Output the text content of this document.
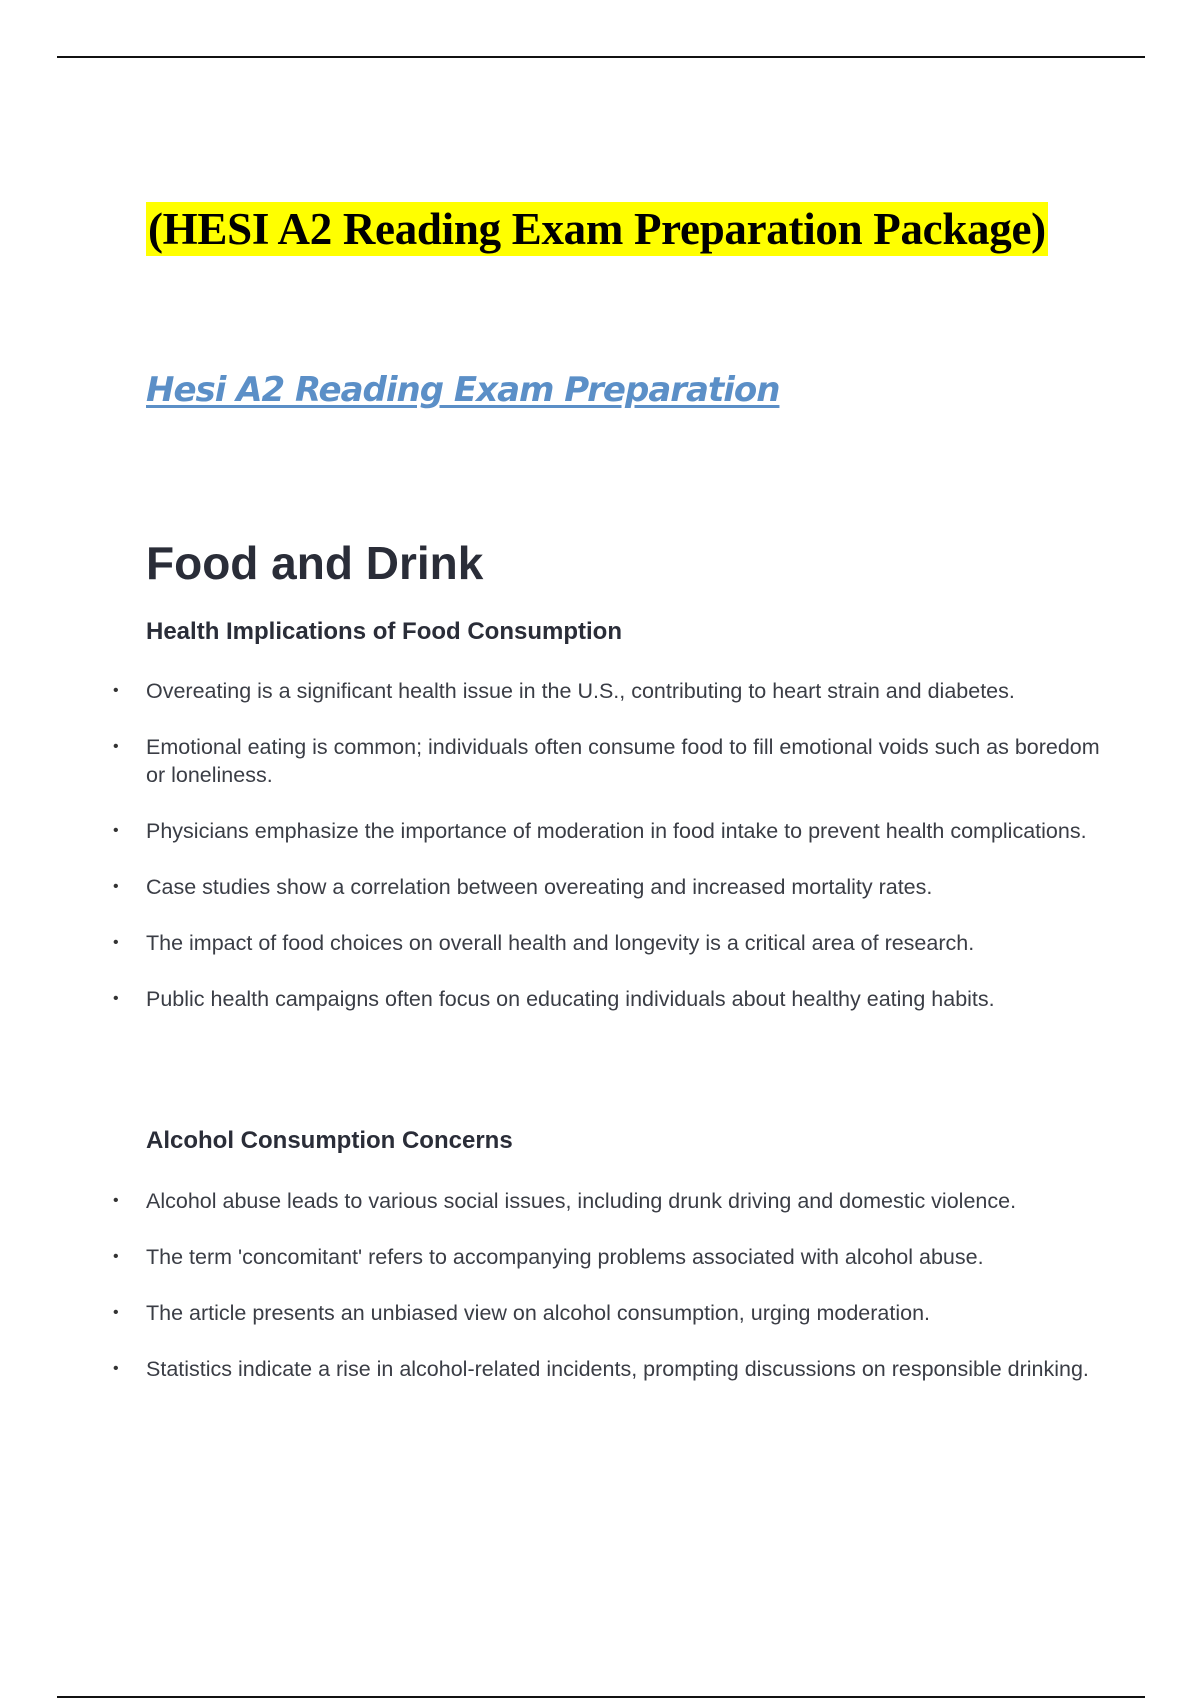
(HESI A2 Reading Exam Preparation Package)
Hesi A2 Reading Exam Preparation
Food and Drink
Health Implications of Food Consumption
• Overeating is a significant health issue in the U.S., contributing to heart strain and diabetes.
• Emotional eating is common; individuals often consume food to fill emotional voids such as boredom or loneliness.
• Physicians emphasize the importance of moderation in food intake to prevent health complications.
• Case studies show a correlation between overeating and increased mortality rates.
• The impact of food choices on overall health and longevity is a critical area of research.
• Public health campaigns often focus on educating individuals about healthy eating habits.
Alcohol Consumption Concerns
• Alcohol abuse leads to various social issues, including drunk driving and domestic violence.
• The term 'concomitant' refers to accompanying problems associated with alcohol abuse.
• The article presents an unbiased view on alcohol consumption, urging moderation.
• Statistics indicate a rise in alcohol-related incidents, prompting discussions on responsible drinking.
